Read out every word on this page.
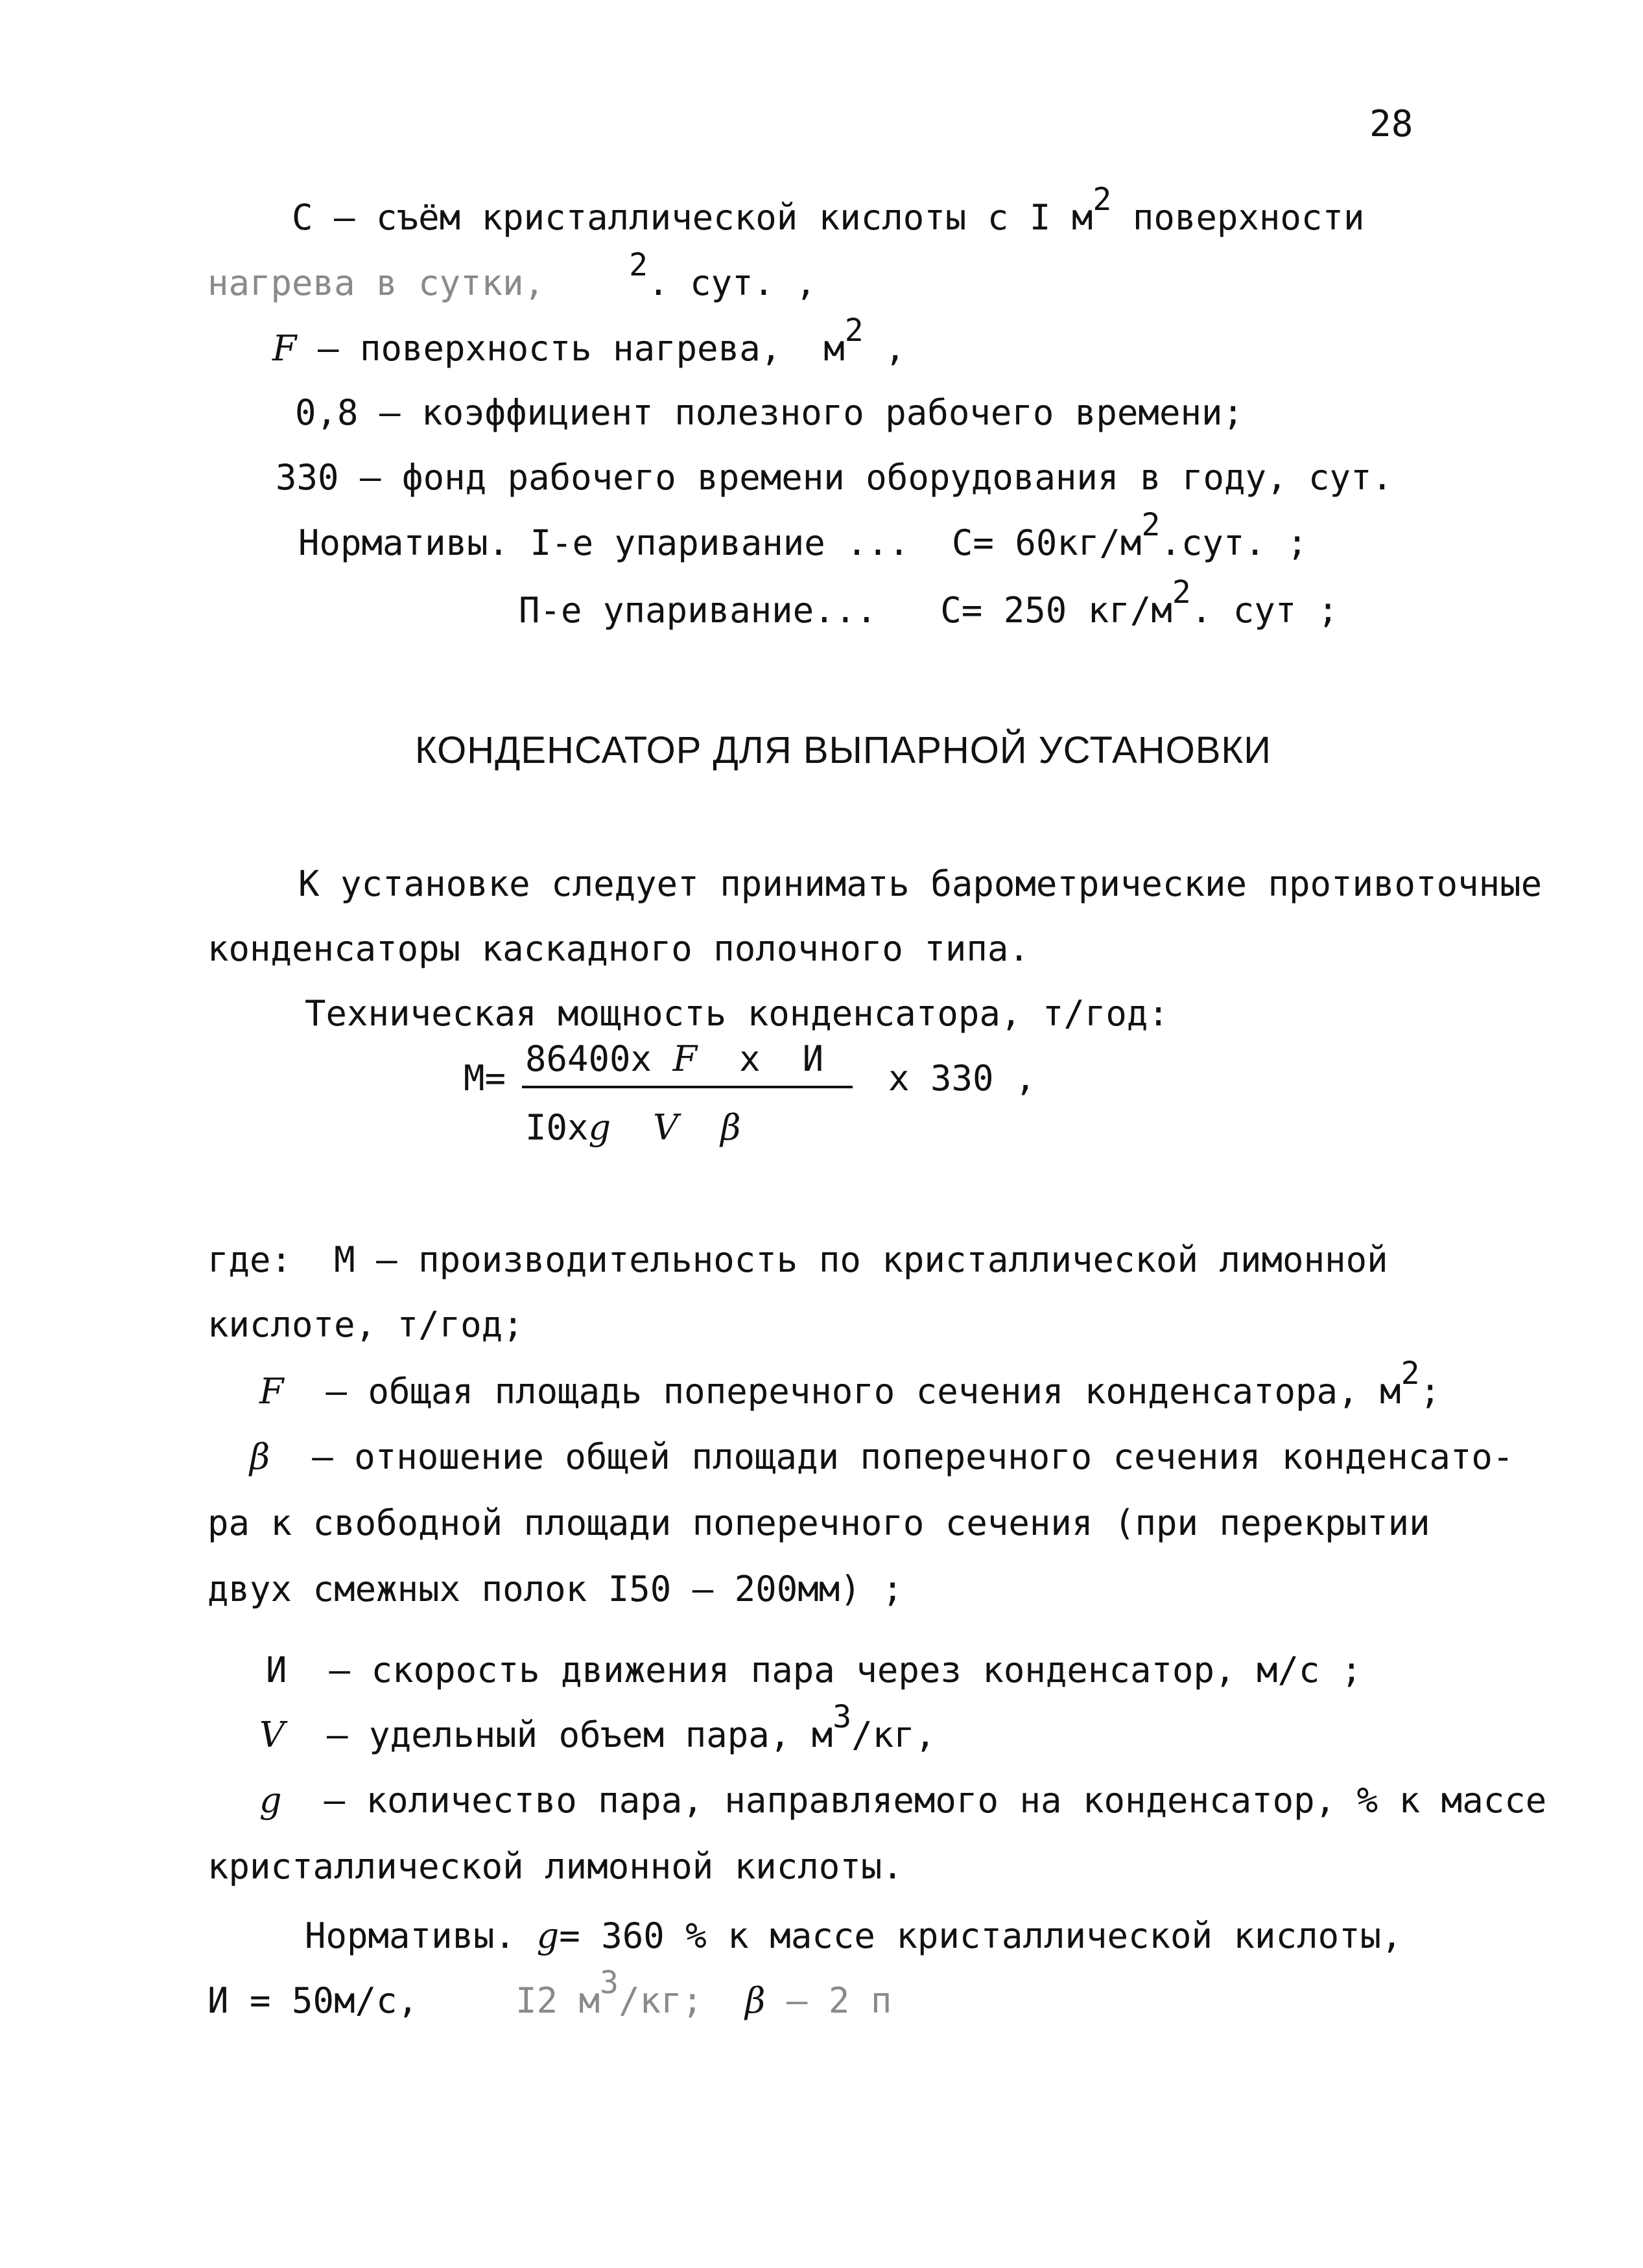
28
С – съём кристаллической кислоты с I м2 поверхности
нагрева в сутки,	2. сут. ,
F – поверхность нагрева,  м2 ,
0,8 – коэффициент полезного рабочего времени;
330 – фонд рабочего времени оборудования в году, сут.
Нормативы. I-е упаривание ...  С= 60кг/м2.сут. ;
П-е упаривание...   С= 250 кг/м2. сут ;
КОНДЕНСАТОР ДЛЯ ВЫПАРНОЙ УСТАНОВКИ
К установке следует принимать барометрические противоточные
конденсаторы каскадного полочного типа.
Техническая мощность конденсатора, т/год:
М= 86400х F х  И
I0хg V β
х 330 ,
где: М – производительность по кристаллической лимонной
кислоте, т/год;
F – общая площадь поперечного сечения конденсатора, м2;
β – отношение общей площади поперечного сечения конденсато-
ра к свободной площади поперечного сечения (при перекрытии
двух смежных полок I50 – 200мм) ;
И – скорость движения пара через конденсатор, м/с ;
V – удельный объем пара, м3/кг,
g – количество пара, направляемого на конденсатор, % к массе
кристаллической лимонной кислоты.
Нормативы. g= 360 % к массе кристаллической кислоты,
И = 50м/с,	I2 м3/кг; β – 2 п
